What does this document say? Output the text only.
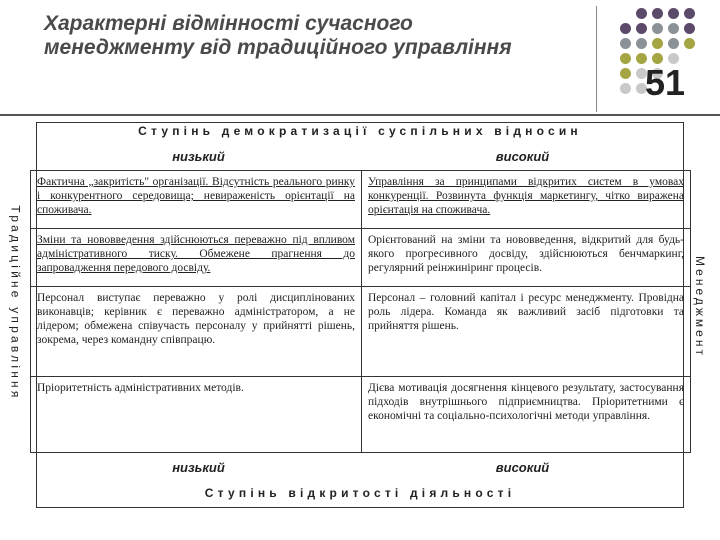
Характерні відмінності сучасного менеджменту від традиційного управління
51
Ступінь демократизації суспільних відносин
низький	високий
Традиційне управління	Менеджмент
Фактична „закритість" організації. Відсутність реального ринку і конкурентного середовища; невираженість орієнтації на споживача.	Управління за принципами відкритих систем в умовах конкуренції. Розвинута функція маркетингу, чітко виражена орієнтація на споживача.
Зміни та нововведення здійснюються переважно під впливом адміністративного тиску. Обмежене прагнення до запровадження передового досвіду.	Орієнтований на зміни та нововведення, відкритий для будь-якого прогресивного досвіду, здійснюються бенчмаркинг, регулярний реінжиніринг процесів.
Персонал виступає переважно у ролі дисциплінованих виконавців; керівник є переважно адміністратором, а не лідером; обмежена співучасть персоналу у прийнятті рішень, зокрема, через командну співпрацю.	Персонал – головний капітал і ресурс менеджменту. Провідна роль лідера. Команда як важливий засіб підготовки та прийняття рішень.
Пріоритетність адміністративних методів.	Дієва мотивація досягнення кінцевого результату, застосування підходів внутрішнього підприємництва. Пріоритетними є економічні та соціально-психологічні методи управління.
низький	високий
Ступінь відкритості діяльності
